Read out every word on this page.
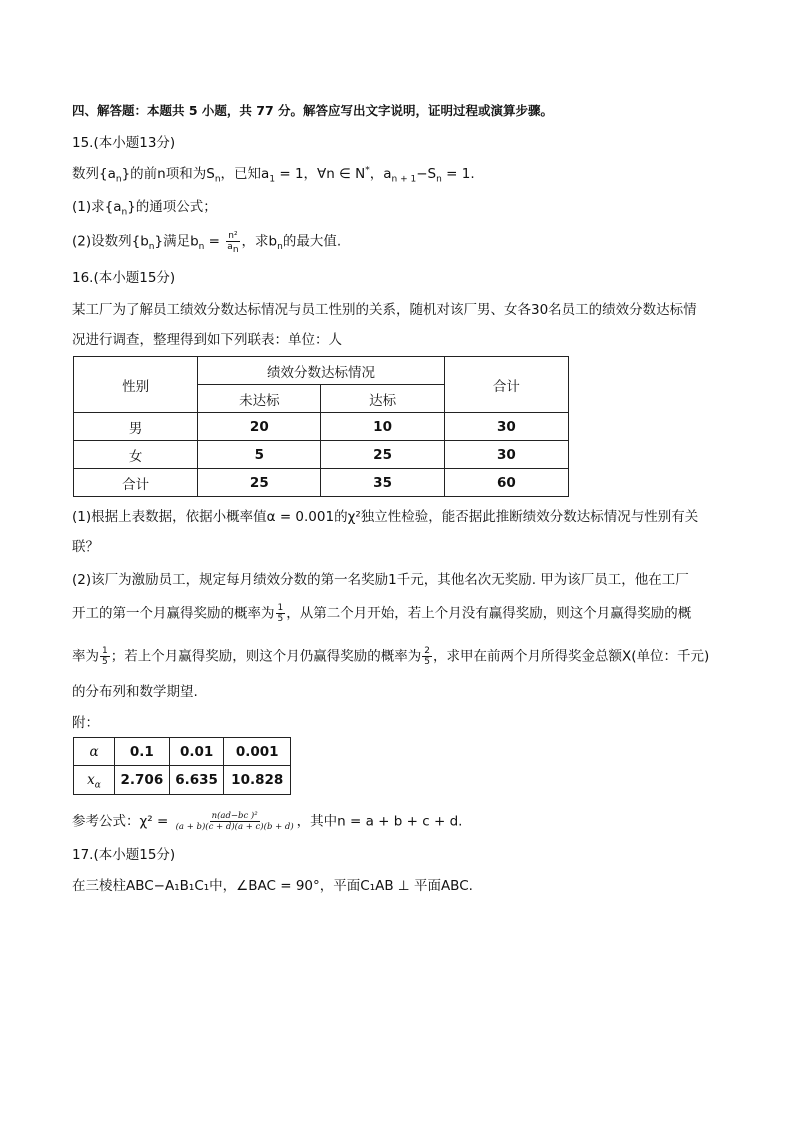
四、解答题：本题共 5 小题，共 77 分。解答应写出文字说明，证明过程或演算步骤。
15.(本小题13分)
数列$\{a_n\}$的前n项和为$S_n$，已知$a_1 = 1$，∀n ∈ N*，$a_{n + 1}-S_n = 1$.
(1)求$\{a_n\}$的通项公式；
(2)设数列$\{b_n\}$满足$b_n = \frac{\text{n²}}{a_n}$ ，求$b_n$的最大值.
16.(本小题15分)
某工厂为了解员工绩效分数达标情况与员工性别的关系，随机对该厂男、女各30名员工的绩效分数达标情
况进行调查，整理得到如下列联表：单位：人
性别	绩效分数达标情况		合计
	未达标	达标	
男	20	10	30
女	5	25	30
合计	25	35	60
(1)根据上表数据，依据小概率值α = 0.001的χ²独立性检验，能否据此推断绩效分数达标情况与性别有关
联？
(2)该厂为激励员工，规定每月绩效分数的第一名奖励1千元，其他名次无奖励. 甲为该厂员工，他在工厂
开工的第一个月赢得奖励的概率为 $\frac{1}{5}$ ，从第二个月开始，若上个月没有赢得奖励，则这个月赢得奖励的概
率为 $\frac{1}{5}$ ；若上个月赢得奖励，则这个月仍赢得奖励的概率为 $\frac{2}{5}$ ，求甲在前两个月所得奖金总额X(单位：千元)
的分布列和数学期望.
附：
α	0.1	0.01	0.001
$x_\alpha$	2.706	6.635	10.828
参考公式：$\chi^2 = \frac{\text{n(ad−bc )²}}{(a + b)(c + d)(a + c)(b + d)}$ ，其中n = a + b + c + d.
17.(本小题15分)
在三棱柱ABC−A₁B₁C₁中，∠BAC = 90°，平面C₁AB ⊥ 平面ABC.
